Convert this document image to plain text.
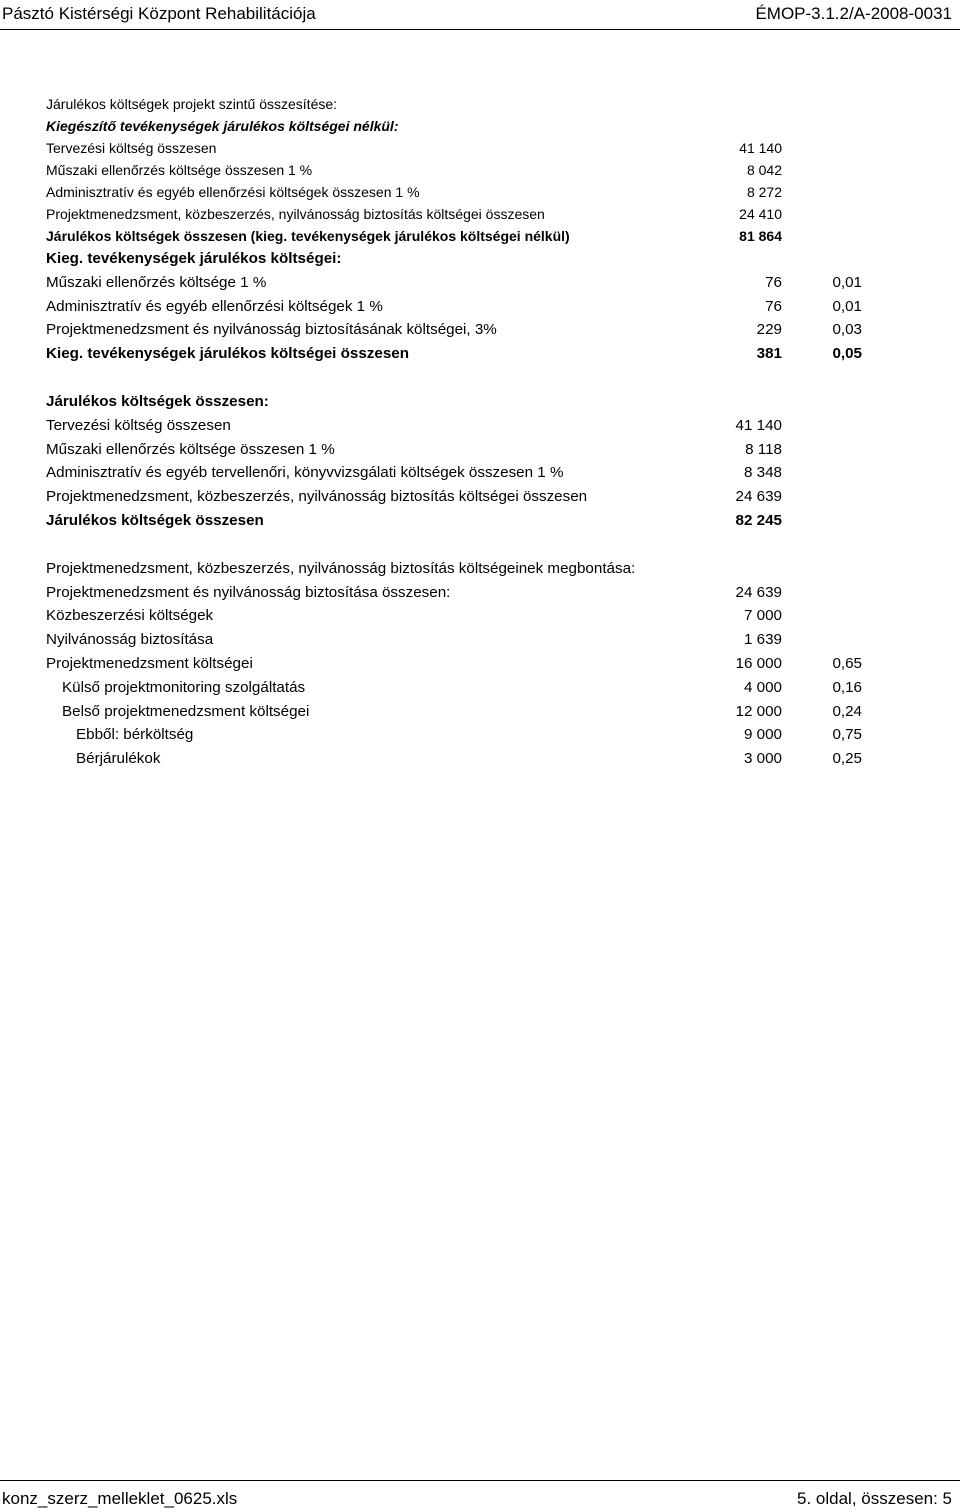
Pásztó Kistérségi Központ Rehabilitációja	ÉMOP-3.1.2/A-2008-0031
Járulékos költségek projekt szintű összesítése:
Kiegészítő tevékenységek járulékos költségei nélkül:
Tervezési költség összesen	41 140
Műszaki ellenőrzés költsége összesen 1 %	8 042
Adminisztratív és egyéb ellenőrzési költségek összesen 1 %	8 272
Projektmenedzsment, közbeszerzés, nyilvánosság biztosítás költségei összesen	24 410
Járulékos költségek összesen (kieg. tevékenységek járulékos költségei nélkül)	81 864
Kieg. tevékenységek járulékos költségei:
Műszaki ellenőrzés költsége 1 %	76	0,01
Adminisztratív és egyéb ellenőrzési költségek 1 %	76	0,01
Projektmenedzsment és nyilvánosság biztosításának költségei, 3%	229	0,03
Kieg. tevékenységek járulékos költségei összesen	381	0,05
Járulékos költségek összesen:
Tervezési költség összesen	41 140
Műszaki ellenőrzés költsége összesen 1 %	8 118
Adminisztratív és egyéb tervellenőri, könyvvizsgálati költségek összesen 1 %	8 348
Projektmenedzsment, közbeszerzés, nyilvánosság biztosítás költségei összesen	24 639
Járulékos költségek összesen	82 245
Projektmenedzsment, közbeszerzés, nyilvánosság biztosítás költségeinek megbontása:
Projektmenedzsment és nyilvánosság biztosítása összesen:	24 639
Közbeszerzési költségek	7 000
Nyilvánosság biztosítása	1 639
Projektmenedzsment költségei	16 000	0,65
Külső projektmonitoring szolgáltatás	4 000	0,16
Belső projektmenedzsment költségei	12 000	0,24
Ebből: bérköltség	9 000	0,75
Bérjárulékok	3 000	0,25
konz_szerz_melleklet_0625.xls	5. oldal, összesen: 5
